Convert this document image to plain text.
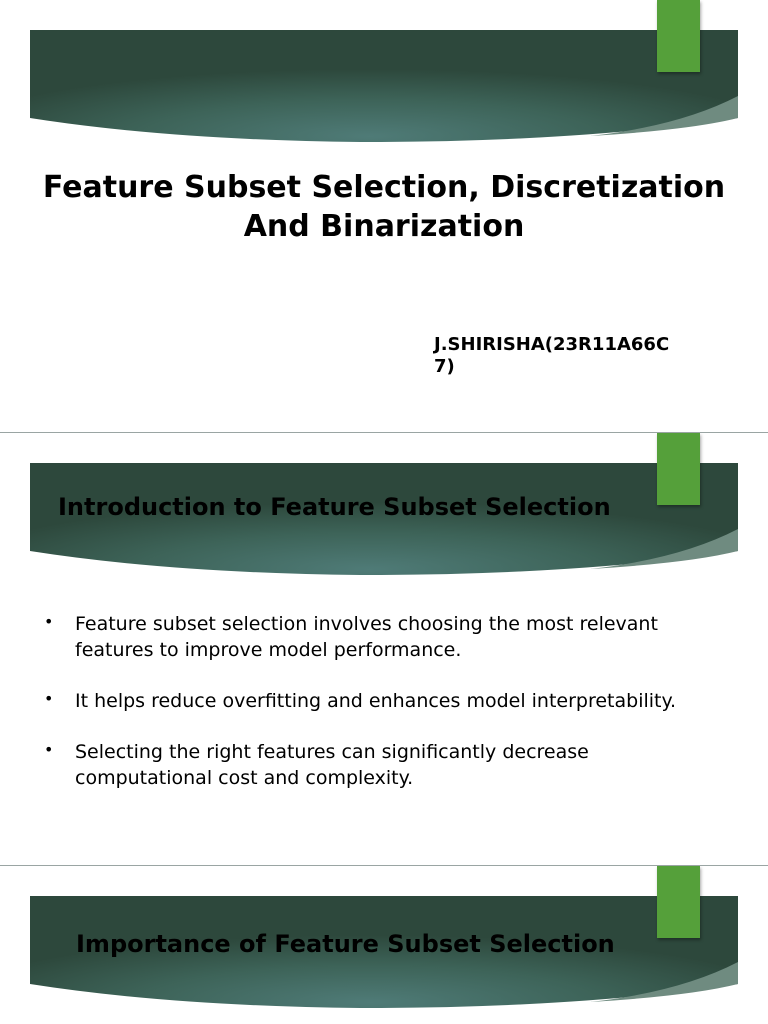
Feature Subset Selection, Discretization And Binarization

J.SHIRISHA(23R11A66C7)

Introduction to Feature Subset Selection
• Feature subset selection involves choosing the most relevant features to improve model performance.
• It helps reduce overfitting and enhances model interpretability.
• Selecting the right features can significantly decrease computational cost and complexity.
Importance of Feature Subset Selection
